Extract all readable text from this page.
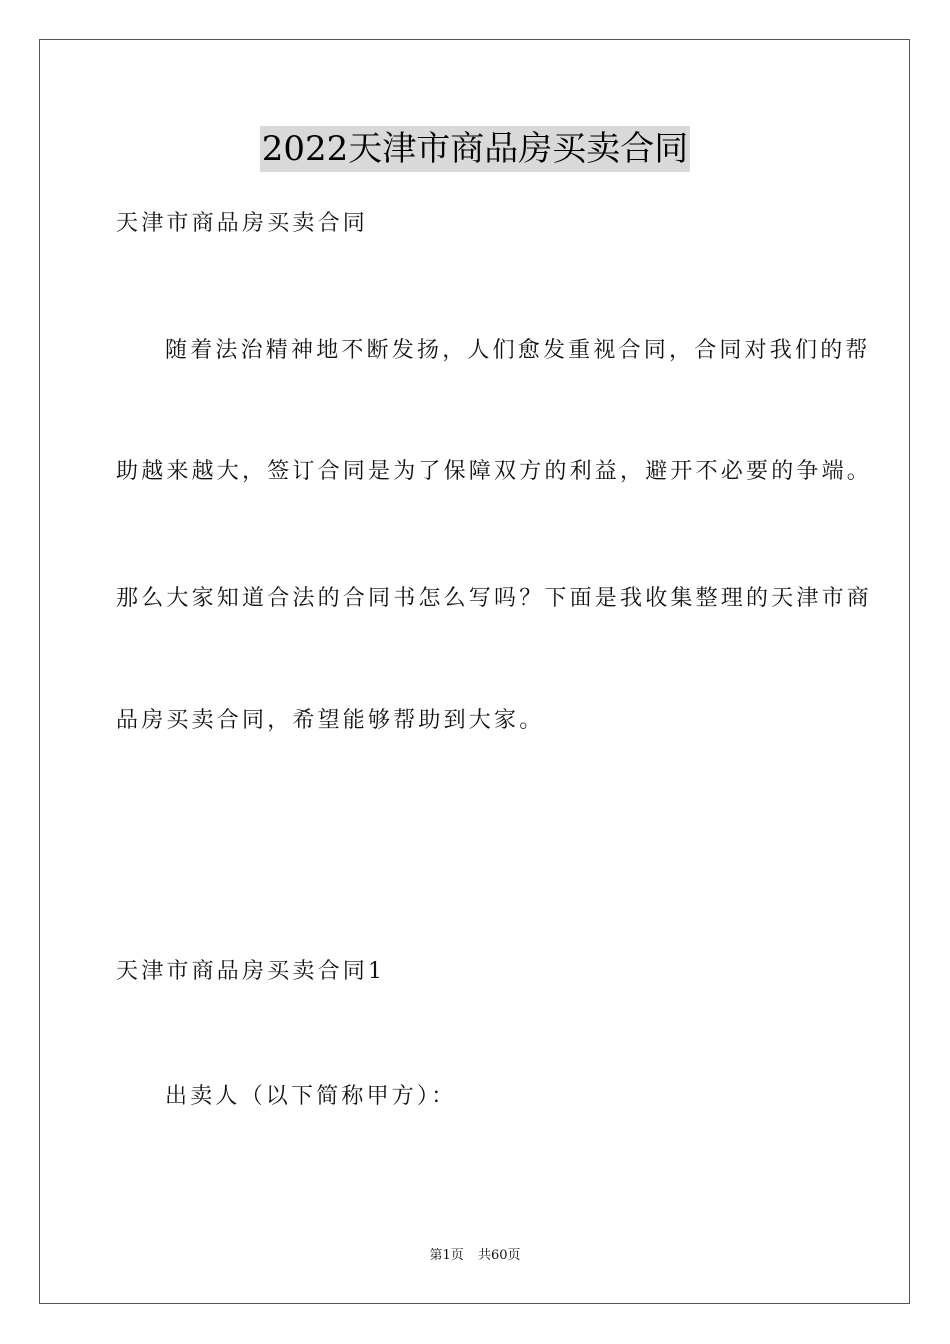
2022天津市商品房买卖合同
天津市商品房买卖合同
随着法治精神地不断发扬，人们愈发重视合同，合同对我们的帮
助越来越大，签订合同是为了保障双方的利益，避开不必要的争端。
那么大家知道合法的合同书怎么写吗？下面是我收集整理的天津市商
品房买卖合同，希望能够帮助到大家。
天津市商品房买卖合同1
出卖人（以下简称甲方）：
第1页 共60页
